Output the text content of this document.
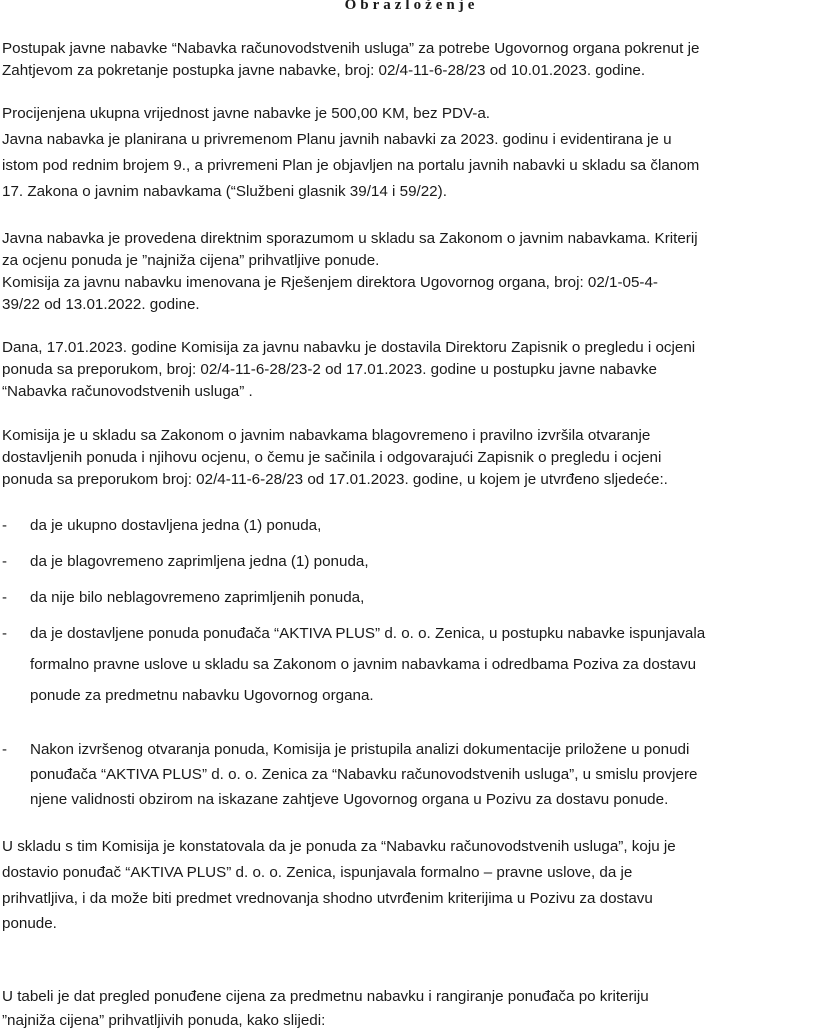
Obrazloženje
Postupak javne nabavke “Nabavka računovodstvenih usluga” za potrebe Ugovornog organa pokrenut je
Zahtjevom za pokretanje postupka javne nabavke, broj: 02/4-11-6-28/23 od 10.01.2023. godine.
Procijenjena ukupna vrijednost javne nabavke je 500,00 KM, bez PDV-a.
Javna nabavka je planirana u privremenom Planu javnih nabavki za 2023. godinu i evidentirana je u
istom pod rednim brojem 9., a privremeni Plan je objavljen na portalu javnih nabavki u skladu sa članom
17. Zakona o javnim nabavkama (“Službeni glasnik 39/14 i 59/22).
Javna nabavka je provedena direktnim sporazumom u skladu sa Zakonom o javnim nabavkama. Kriterij
za ocjenu ponuda je ”najniža cijena” prihvatljive ponude.
Komisija za javnu nabavku imenovana je Rješenjem direktora Ugovornog organa, broj: 02/1-05-4-
39/22 od 13.01.2022. godine.
Dana, 17.01.2023. godine Komisija za javnu nabavku je dostavila Direktoru Zapisnik o pregledu i ocjeni
ponuda sa preporukom, broj: 02/4-11-6-28/23-2 od 17.01.2023. godine u postupku javne nabavke
“Nabavka računovodstvenih usluga” .
Komisija je u skladu sa Zakonom o javnim nabavkama blagovremeno i pravilno izvršila otvaranje
dostavljenih ponuda i njihovu ocjenu, o čemu je sačinila i odgovarajući Zapisnik o pregledu i ocjeni
ponuda sa preporukom broj: 02/4-11-6-28/23 od 17.01.2023. godine, u kojem je utvrđeno sljedeće:.
- da je ukupno dostavljena jedna (1) ponuda,
- da je blagovremeno zaprimljena jedna (1) ponuda,
- da nije bilo neblagovremeno zaprimljenih ponuda,
- da je dostavljene ponuda ponuđača “AKTIVA PLUS” d. o. o. Zenica, u postupku nabavke ispunjavala
formalno pravne uslove u skladu sa Zakonom o javnim nabavkama i odredbama Poziva za dostavu
ponude za predmetnu nabavku Ugovornog organa.
- Nakon izvršenog otvaranja ponuda, Komisija je pristupila analizi dokumentacije priložene u ponudi
ponuđača “AKTIVA PLUS” d. o. o. Zenica za “Nabavku računovodstvenih usluga”, u smislu provjere
njene validnosti obzirom na iskazane zahtjeve Ugovornog organa u Pozivu za dostavu ponude.
U skladu s tim Komisija je konstatovala da je ponuda za “Nabavku računovodstvenih usluga”, koju je
dostavio ponuđač “AKTIVA PLUS” d. o. o. Zenica, ispunjavala formalno – pravne uslove, da je
prihvatljiva, i da može biti predmet vrednovanja shodno utvrđenim kriterijima u Pozivu za dostavu
ponude.
U tabeli je dat pregled ponuđene cijena za predmetnu nabavku i rangiranje ponuđača po kriteriju
”najniža cijena” prihvatljivih ponuda, kako slijedi:
